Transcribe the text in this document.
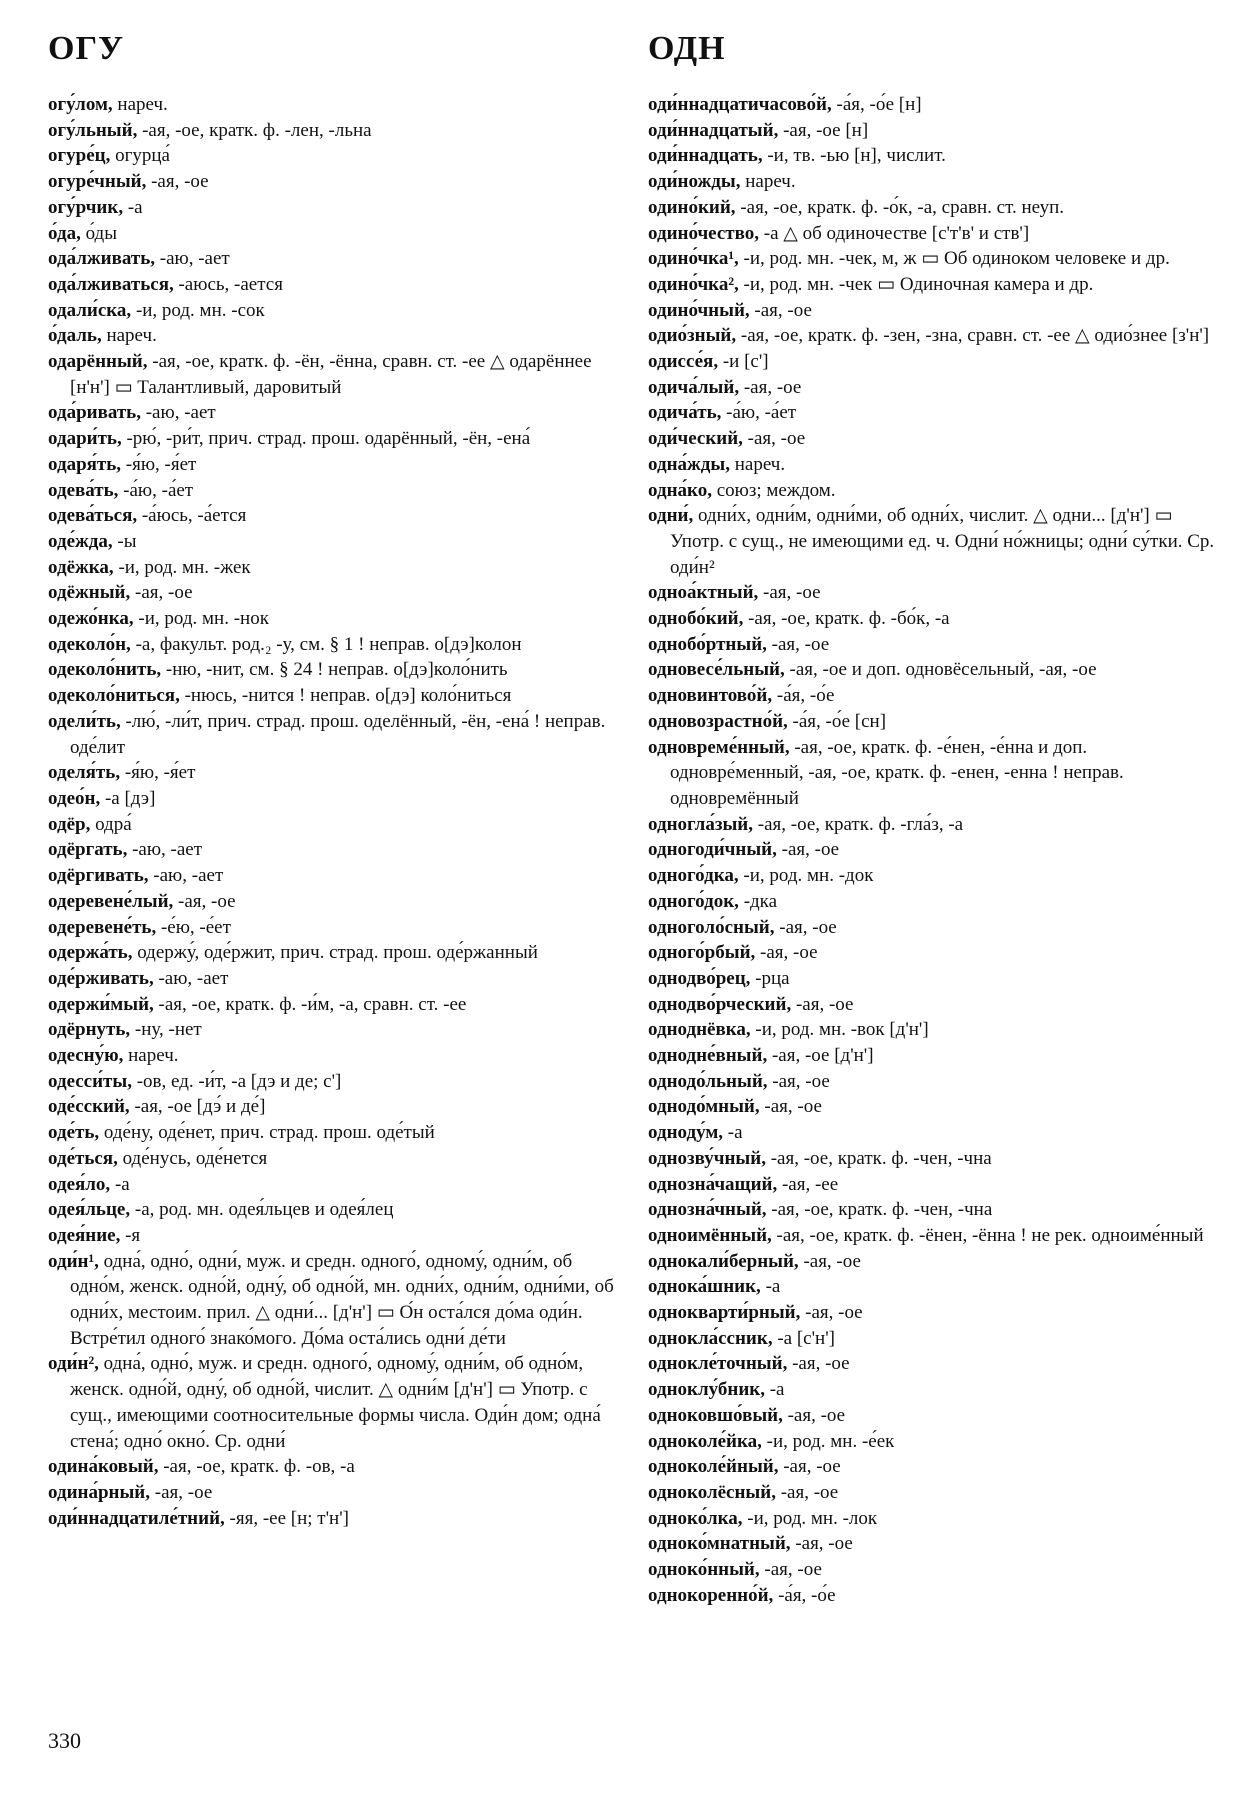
ОГУ	ОДН

огу́лом, нареч.

огу́льный, -ая, -ое, кратк. ф. -лен, -льна

огуре́ц, огурца́

огуре́чный, -ая, -ое

огу́рчик, -а

о́да, о́ды

ода́лживать, -аю, -ает

ода́лживаться, -аюсь, -ается

одали́ска, -и, род. мн. -сок

о́даль, нареч.

одарённый, -ая, -ое, кратк. ф. -ён, -ённа, сравн. ст. -ее △ одарённее [н'н'] ▭ Талантливый, даровитый

ода́ривать, -аю, -ает

одари́ть, -рю́, -ри́т, прич. страд. прош. одарённый, -ён, -ена́

одаря́ть, -я́ю, -я́ет

одева́ть, -а́ю, -а́ет

одева́ться, -а́юсь, -а́ется

оде́жда, -ы

одёжка, -и, род. мн. -жек

одёжный, -ая, -ое

одежо́нка, -и, род. мн. -нок

одеколо́н, -а, факульт. род.₂ -у, см. § 1 ! неправ. о[дэ]колон

одеколо́нить, -ню, -нит, см. § 24 ! неправ. о[дэ]коло́нить

одеколо́ниться, -нюсь, -нится ! неправ. о[дэ] коло́ниться

одели́ть, -лю́, -ли́т, прич. страд. прош. оделённый, -ён, -ена́ ! неправ. оде́лит

оделя́ть, -я́ю, -я́ет

одео́н, -а [дэ]

одёр, одра́

одёргать, -аю, -ает

одёргивать, -аю, -ает

одеревене́лый, -ая, -ое

одеревене́ть, -е́ю, -е́ет

одержа́ть, одержу́, оде́ржит, прич. страд. прош. оде́ржанный

оде́рживать, -аю, -ает

одержи́мый, -ая, -ое, кратк. ф. -и́м, -а, сравн. ст. -ее

одёрнуть, -ну, -нет

одесну́ю, нареч.

одесси́ты, -ов, ед. -и́т, -а [дэ и де; с']

оде́сский, -ая, -ое [дэ́ и де́]

оде́ть, оде́ну, оде́нет, прич. страд. прош. оде́тый

оде́ться, оде́нусь, оде́нется

одея́ло, -а

одея́льце, -а, род. мн. одея́льцев и одея́лец

одея́ние, -я

оди́н¹, одна́, одно́, одни́, муж. и средн. одного́, одному́, одни́м, об одно́м, женск. одно́й, одну́, об одно́й, мн. одни́х, одни́м, одни́ми, об одни́х, местоим. прил. △ одни́... [д'н'] ▭ О́н оста́лся до́ма оди́н. Встре́тил одного́ знако́мого. До́ма оста́лись одни́ де́ти

оди́н², одна́, одно́, муж. и средн. одного́, одному́, одни́м, об одно́м, женск. одно́й, одну́, об одно́й, числит. △ одни́м [д'н'] ▭ Употр. с сущ., имеющими соотносительные формы числа. Оди́н дом; одна́ стена́; одно́ окно́. Ср. одни́

одина́ковый, -ая, -ое, кратк. ф. -ов, -а

одина́рный, -ая, -ое

оди́ннадцатиле́тний, -яя, -ее [н; т'н']

оди́ннадцатичасово́й, -а́я, -о́е [н]

оди́ннадцатый, -ая, -ое [н]

оди́ннадцать, -и, тв. -ью [н], числит.

оди́ножды, нареч.

одино́кий, -ая, -ое, кратк. ф. -о́к, -а, сравн. ст. неуп.

одино́чество, -а △ об одиночестве [с'т'в' и ств']

одино́чка¹, -и, род. мн. -чек, м, ж ▭ Об одиноком человеке и др.

одино́чка², -и, род. мн. -чек ▭ Одиночная камера и др.

одино́чный, -ая, -ое

одио́зный, -ая, -ое, кратк. ф. -зен, -зна, сравн. ст. -ее △ одио́знее [з'н']

одиссе́я, -и [с']

одича́лый, -ая, -ое

одича́ть, -а́ю, -а́ет

оди́ческий, -ая, -ое

одна́жды, нареч.

одна́ко, союз; междом.

одни́, одни́х, одни́м, одни́ми, об одни́х, числит. △ одни... [д'н'] ▭ Употр. с сущ., не имеющими ед. ч. Одни́ но́жницы; одни́ су́тки. Ср. оди́н²

одноа́ктный, -ая, -ое

однобо́кий, -ая, -ое, кратк. ф. -бо́к, -а

однобо́ртный, -ая, -ое

одновесе́льный, -ая, -ое и доп. одновёсельный, -ая, -ое

одновинтово́й, -а́я, -о́е

одновозрастно́й, -а́я, -о́е [сн]

одновреме́нный, -ая, -ое, кратк. ф. -е́нен, -е́нна и доп. одновре́менный, -ая, -ое, кратк. ф. -енен, -енна ! неправ. одновремённый

одногла́зый, -ая, -ое, кратк. ф. -гла́з, -а

одногоди́чный, -ая, -ое

одного́дка, -и, род. мн. -док

одного́док, -дка

одноголо́сный, -ая, -ое

одного́рбый, -ая, -ое

однодво́рец, -рца

однодво́рческий, -ая, -ое

одноднёвка, -и, род. мн. -вок [д'н']

однодне́вный, -ая, -ое [д'н']

однодо́льный, -ая, -ое

однодо́мный, -ая, -ое

одноду́м, -а

однозву́чный, -ая, -ое, кратк. ф. -чен, -чна

однозна́чащий, -ая, -ее

однозна́чный, -ая, -ое, кратк. ф. -чен, -чна

одноимённый, -ая, -ое, кратк. ф. -ёнен, -ённа ! не рек. одноиме́нный

однокали́берный, -ая, -ое

однока́шник, -а

однокварти́рный, -ая, -ое

однокла́ссник, -а [с'н']

однокле́точный, -ая, -ое

одноклу́бник, -а

одноковшо́вый, -ая, -ое

одноколе́йка, -и, род. мн. -е́ек

одноколе́йный, -ая, -ое

одноколёсный, -ая, -ое

однoко́лка, -и, род. мн. -лок

однoко́мнатный, -ая, -ое

однoко́нный, -ая, -ое

однокоренно́й, -а́я, -о́е

330
